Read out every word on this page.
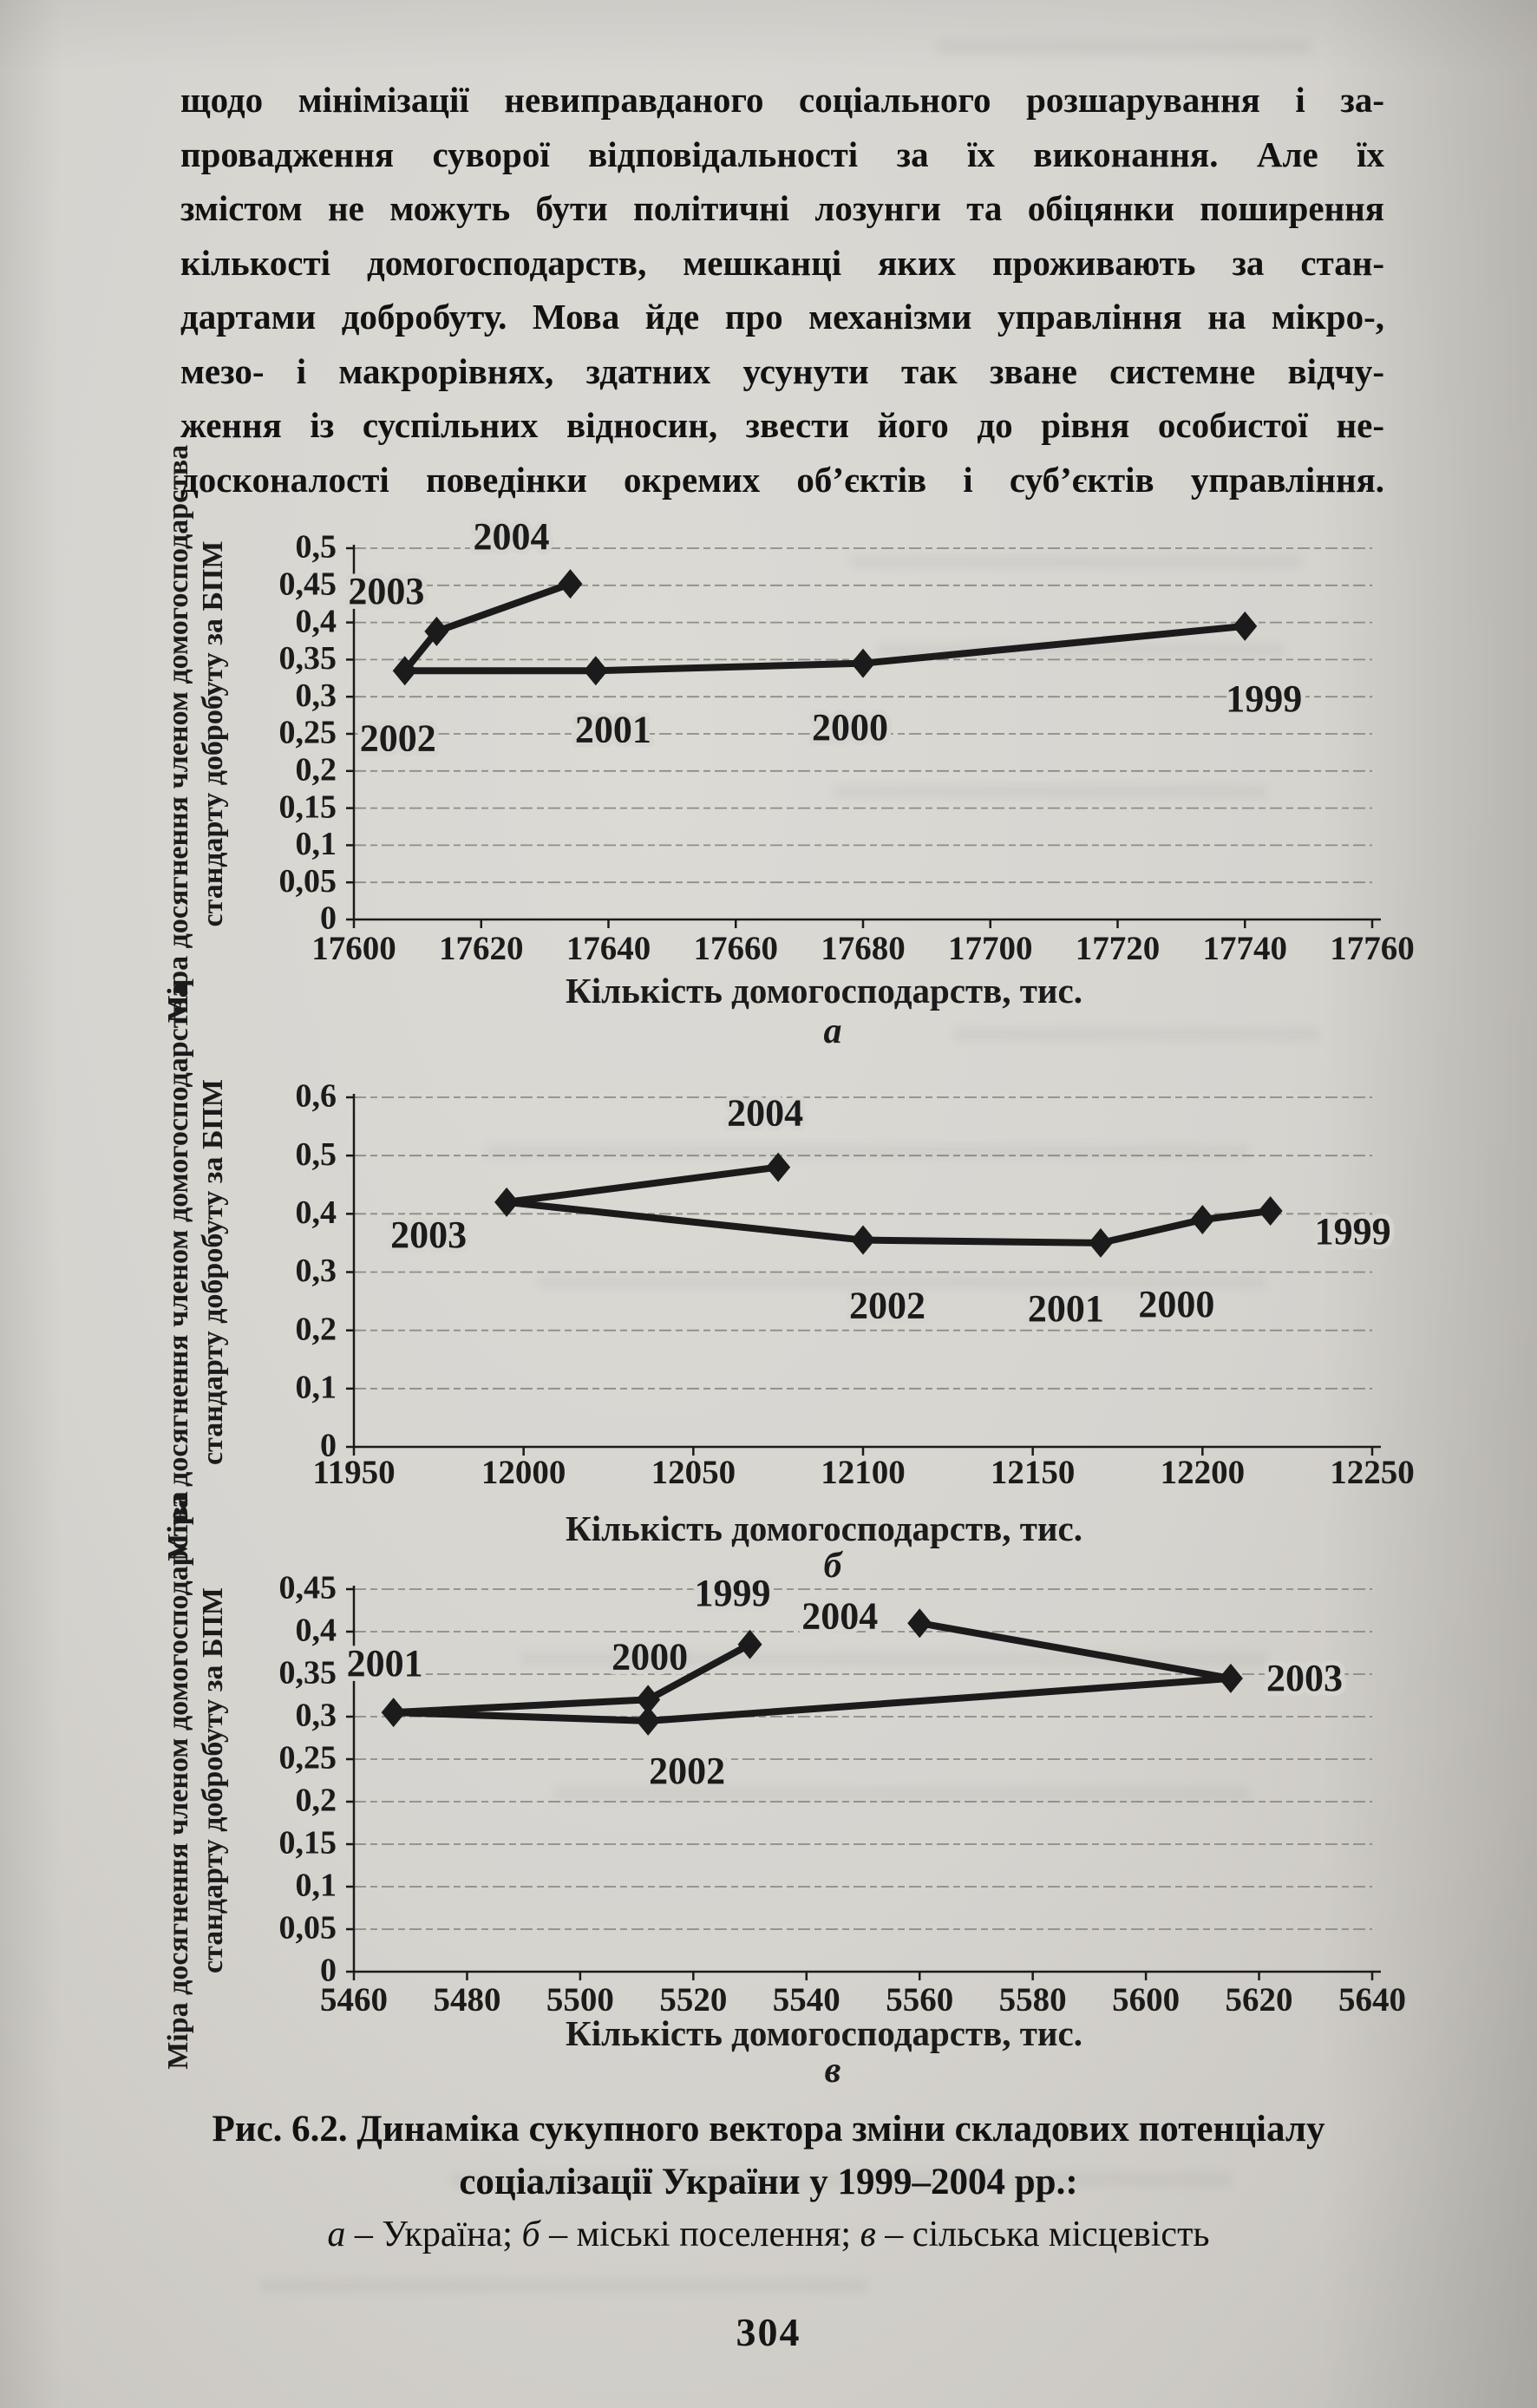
щодо мінімізації невиправданого соціального розшарування і за-
провадження суворої відповідальності за їх виконання. Але їх
змістом не можуть бути політичні лозунги та обіцянки поширення
кількості домогосподарств, мешканці яких проживають за стан-
дартами добробуту. Мова йде про механізми управління на мікро-,
мезо- і макрорівнях, здатних усунути так зване системне відчу-
ження із суспільних відносин, звести його до рівня особистої не-
досконалості поведінки окремих об’єктів і суб’єктів управління.
0
0,05
0,1
0,15
0,2
0,25
0,3
0,35
0,4
0,45
0,5
17600 17620 17640 17660 17680 17700 17720 17740 17760
1999
2000
2001
2002
2003
2004
Міра досягнення членом домогосподарства стандарту добробуту за БПМ
Кількість домогосподарств, тис.
а
0
0,1
0,2
0,3
0,4
0,5
0,6
11950	12000	12050	12100	12150	12200	12250
1999
2000
2001
2002
2003
2004
Міра досягнення членом домогосподарства стандарту добробуту за БПМ
Кількість домогосподарств, тис.
б
0
0,05
0,1
0,15
0,2
0,25
0,3
0,35
0,4
0,45
5460 5480 5500 5520 5540 5560 5580 5600 5620 5640
1999
2000
2001
2002
2003
2004
Міра досягнення членом домогосподарства стандарту добробуту за БПМ
Кількість домогосподарств, тис.
в
Рис. 6.2. Динаміка сукупного вектора зміни складових потенціалу
соціалізації України у 1999–2004 рр.:
а – Україна; б – міські поселення; в – сільська місцевість
304
